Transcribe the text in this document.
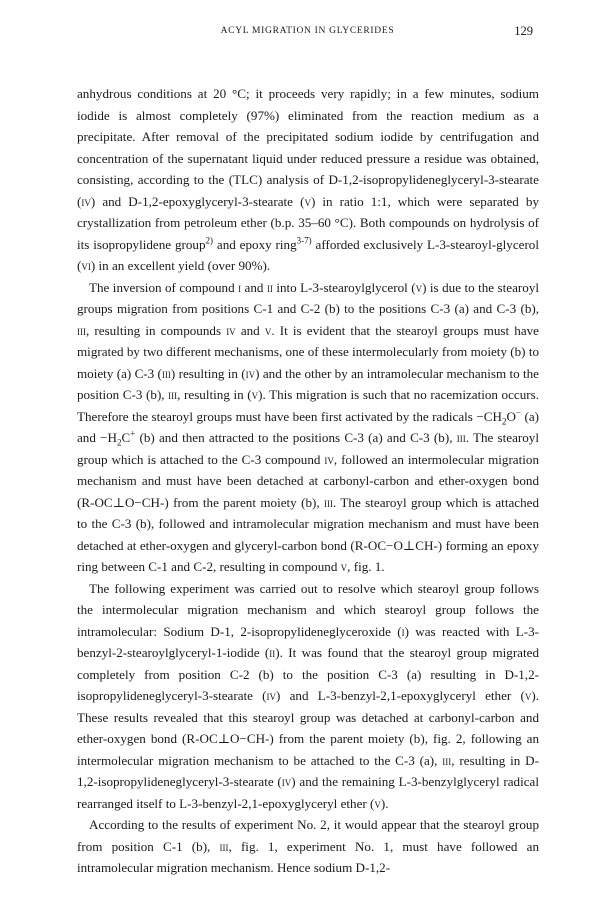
ACYL MIGRATION IN GLYCERIDES	129

anhydrous conditions at 20 °C; it proceeds very rapidly; in a few minutes, sodium iodide is almost completely (97%) eliminated from the reaction medium as a precipitate. After removal of the precipitated sodium iodide by centrifugation and concentration of the supernatant liquid under reduced pressure a residue was obtained, consisting, according to the (TLC) analysis of D-1,2-isopropylideneglyceryl-3-stearate (iv) and D-1,2-epoxyglyceryl-3-stearate (v) in ratio 1:1, which were separated by crystallization from petroleum ether (b.p. 35–60 °C). Both compounds on hydrolysis of its isopropylidene group$^{2)}$ and epoxy ring$^{3-7)}$ afforded exclusively L-3-stearoyl-glycerol (vi) in an excellent yield (over 90%).

The inversion of compound i and ii into L-3-stearoylglycerol (v) is due to the stearoyl groups migration from positions C-1 and C-2 (b) to the positions C-3 (a) and C-3 (b), iii, resulting in compounds iv and v. It is evident that the stearoyl groups must have migrated by two different mechanisms, one of these intermolecularly from moiety (b) to moiety (a) C-3 (iii) resulting in (iv) and the other by an intramolecular mechanism to the position C-3 (b), iii, resulting in (v). This migration is such that no racemization occurs. Therefore the stearoyl groups must have been first activated by the radicals $-CH_2O^-$ (a) and $-H_2C^+$ (b) and then attracted to the positions C-3 (a) and C-3 (b), iii. The stearoyl group which is attached to the C-3 compound iv, followed an intermolecular migration mechanism and must have been detached at carbonyl-carbon and ether-oxygen bond (R-OC⊥O−CH-) from the parent moiety (b), iii. The stearoyl group which is attached to the C-3 (b), followed and intramolecular migration mechanism and must have been detached at ether-oxygen and glyceryl-carbon bond (R-OC−O⊥CH-) forming an epoxy ring between C-1 and C-2, resulting in compound v, fig. 1.

The following experiment was carried out to resolve which stearoyl group follows the intermolecular migration mechanism and which stearoyl group follows the intramolecular: Sodium D-1, 2-isopropylideneglyceroxide (i) was reacted with L-3-benzyl-2-stearoylglyceryl-1-iodide (ii). It was found that the stearoyl group migrated completely from position C-2 (b) to the position C-3 (a) resulting in D-1,2-isopropylideneglyceryl-3-stearate (iv) and L-3-benzyl-2,1-epoxyglyceryl ether (v). These results revealed that this stearoyl group was detached at carbonyl-carbon and ether-oxygen bond (R-OC⊥O−CH-) from the parent moiety (b), fig. 2, following an intermolecular migration mechanism to be attached to the C-3 (a), iii, resulting in D-1,2-isopropylideneglyceryl-3-stearate (iv) and the remaining L-3-benzylglyceryl radical rearranged itself to L-3-benzyl-2,1-epoxyglyceryl ether (v).

According to the results of experiment No. 2, it would appear that the stearoyl group from position C-1 (b), iii, fig. 1, experiment No. 1, must have followed an intramolecular migration mechanism. Hence sodium D-1,2-
